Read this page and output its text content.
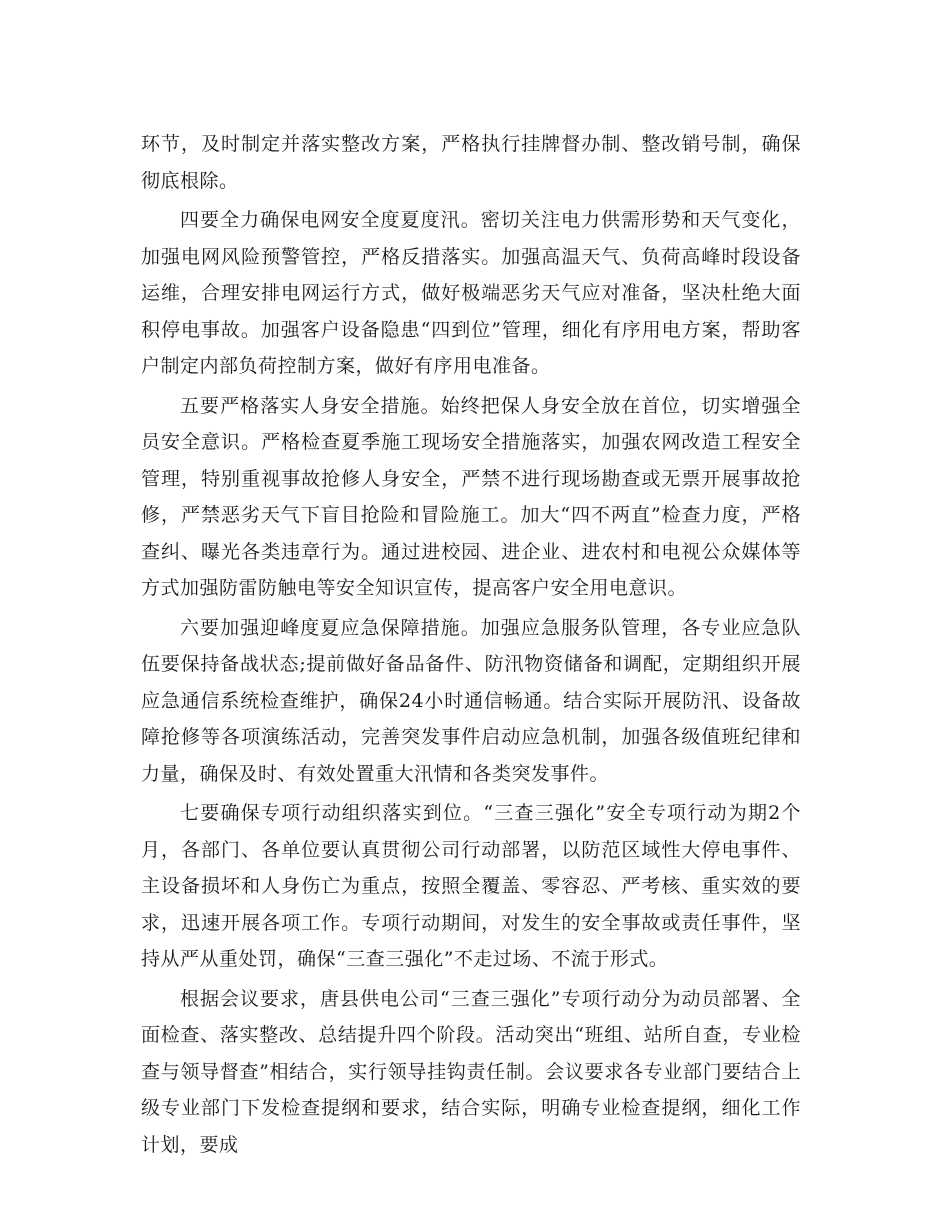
环节，及时制定并落实整改方案，严格执行挂牌督办制、整改销号制，确保彻底根除。

四要全力确保电网安全度夏度汛。密切关注电力供需形势和天气变化，加强电网风险预警管控，严格反措落实。加强高温天气、负荷高峰时段设备运维，合理安排电网运行方式，做好极端恶劣天气应对准备，坚决杜绝大面积停电事故。加强客户设备隐患“四到位”管理，细化有序用电方案，帮助客户制定内部负荷控制方案，做好有序用电准备。

五要严格落实人身安全措施。始终把保人身安全放在首位，切实增强全员安全意识。严格检查夏季施工现场安全措施落实，加强农网改造工程安全管理，特别重视事故抢修人身安全，严禁不进行现场勘查或无票开展事故抢修，严禁恶劣天气下盲目抢险和冒险施工。加大“四不两直”检查力度，严格查纠、曝光各类违章行为。通过进校园、进企业、进农村和电视公众媒体等方式加强防雷防触电等安全知识宣传，提高客户安全用电意识。

六要加强迎峰度夏应急保障措施。加强应急服务队管理，各专业应急队伍要保持备战状态;提前做好备品备件、防汛物资储备和调配，定期组织开展应急通信系统检查维护，确保24小时通信畅通。结合实际开展防汛、设备故障抢修等各项演练活动，完善突发事件启动应急机制，加强各级值班纪律和力量，确保及时、有效处置重大汛情和各类突发事件。

七要确保专项行动组织落实到位。“三查三强化”安全专项行动为期2个月，各部门、各单位要认真贯彻公司行动部署，以防范区域性大停电事件、主设备损坏和人身伤亡为重点，按照全覆盖、零容忍、严考核、重实效的要求，迅速开展各项工作。专项行动期间，对发生的安全事故或责任事件，坚持从严从重处罚，确保“三查三强化”不走过场、不流于形式。

根据会议要求，唐县供电公司“三查三强化”专项行动分为动员部署、全面检查、落实整改、总结提升四个阶段。活动突出“班组、站所自查，专业检查与领导督查”相结合，实行领导挂钩责任制。会议要求各专业部门要结合上级专业部门下发检查提纲和要求，结合实际，明确专业检查提纲，细化工作计划，要成
